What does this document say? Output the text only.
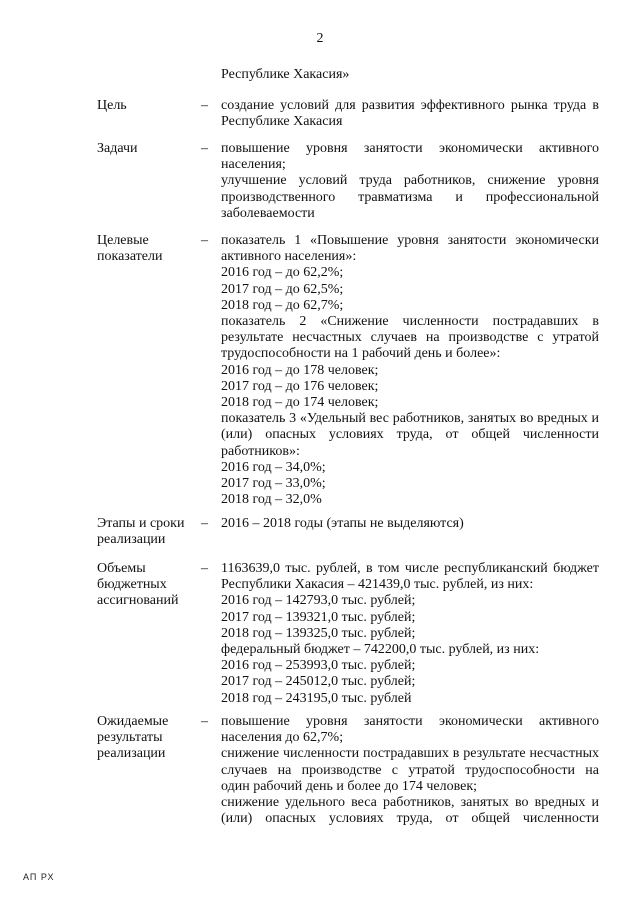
2
Республике Хакасия»
Цель	– создание условий для развития эффективного рынка труда в
Республике Хакасия
Задачи	– повышение уровня занятости экономически активного
населения;
улучшение условий труда работников, снижение уровня
производственного травматизма и профессиональной
заболеваемости
Целевые
показатели
– показатель 1 «Повышение уровня занятости экономически
активного населения»:
2016 год – до 62,2%;
2017 год – до 62,5%;
2018 год – до 62,7%;
показатель 2 «Снижение численности пострадавших в
результате несчастных случаев на производстве с утратой
трудоспособности на 1 рабочий день и более»:
2016 год – до 178 человек;
2017 год – до 176 человек;
2018 год – до 174 человек;
показатель 3 «Удельный вес работников, занятых во вредных и
(или) опасных условиях труда, от общей численности
работников»:
2016 год – 34,0%;
2017 год – 33,0%;
2018 год – 32,0%
Этапы и сроки
реализации
– 2016 – 2018 годы (этапы не выделяются)
Объемы
бюджетных
ассигнований
– 1163639,0 тыс. рублей, в том числе республиканский бюджет
Республики Хакасия – 421439,0 тыс. рублей, из них:
2016 год – 142793,0 тыс. рублей;
2017 год – 139321,0 тыс. рублей;
2018 год – 139325,0 тыс. рублей;
федеральный бюджет – 742200,0 тыс. рублей, из них:
2016 год – 253993,0 тыс. рублей;
2017 год – 245012,0 тыс. рублей;
2018 год – 243195,0 тыс. рублей
Ожидаемые
результаты
реализации
– повышение уровня занятости экономически активного
населения до 62,7%;
снижение численности пострадавших в результате несчастных
случаев на производстве с утратой трудоспособности на
один рабочий день и более до 174 человек;
снижение удельного веса работников, занятых во вредных и
(или) опасных условиях труда, от общей численности
АП РХ
